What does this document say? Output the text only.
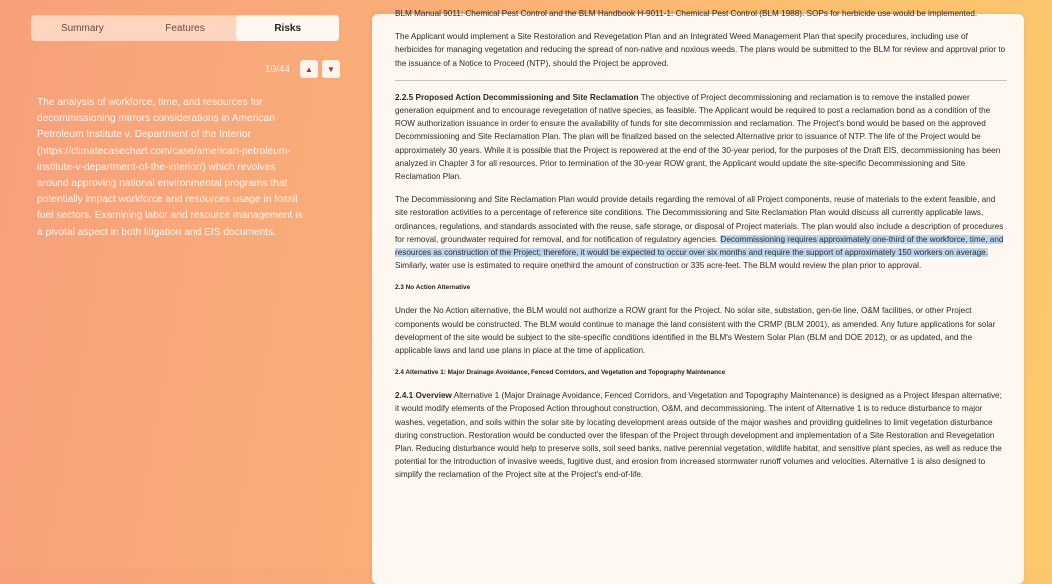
Summary	Features	Risks
10/44 ▲ ▼
The analysis of workforce, time, and resources for
decommissioning mirrors considerations in American
Petroleum Institute v. Department of the Interior
(https://climatecasechart.com/case/american-petroleum-
institute-v-department-of-the-interior/) which revolves
around approving national environmental programs that
potentially impact workforce and resources usage in fossil
fuel sectors. Examining labor and resource management is
a pivotal aspect in both litigation and EIS documents.

BLM Manual 9011: Chemical Pest Control and the BLM Handbook H-9011-1: Chemical Pest Control (BLM 1988). SOPs for herbicide use would be implemented.

The Applicant would implement a Site Restoration and Revegetation Plan and an Integrated Weed Management Plan that specify procedures, including use of herbicides for managing vegetation and reducing the spread of non-native and noxious weeds. The plans would be submitted to the BLM for review and approval prior to the issuance of a Notice to Proceed (NTP), should the Project be approved.

2.2.5 Proposed Action Decommissioning and Site Reclamation The objective of Project decommissioning and reclamation is to remove the installed power generation equipment and to encourage revegetation of native species, as feasible. The Applicant would be required to post a reclamation bond as a condition of the ROW authorization issuance in order to ensure the availability of funds for site decommission and reclamation. The Project's bond would be based on the approved Decommissioning and Site Reclamation Plan. The plan will be finalized based on the selected Alternative prior to issuance of NTP. The life of the Project would be approximately 30 years. While it is possible that the Project is repowered at the end of the 30-year period, for the purposes of the Draft EIS, decommissioning has been analyzed in Chapter 3 for all resources. Prior to termination of the 30-year ROW grant, the Applicant would update the site-specific Decommissioning and Site Reclamation Plan.

The Decommissioning and Site Reclamation Plan would provide details regarding the removal of all Project components, reuse of materials to the extent feasible, and site restoration activities to a percentage of reference site conditions. The Decommissioning and Site Reclamation Plan would discuss all currently applicable laws, ordinances, regulations, and standards associated with the reuse, safe storage, or disposal of Project materials. The plan would also include a description of procedures for removal, groundwater required for removal, and for notification of regulatory agencies. Decommissioning requires approximately one-third of the workforce, time, and resources as construction of the Project; therefore, it would be expected to occur over six months and require the support of approximately 150 workers on average. Similarly, water use is estimated to require onethird the amount of construction or 335 acre-feet. The BLM would review the plan prior to approval.

2.3 No Action Alternative

Under the No Action alternative, the BLM would not authorize a ROW grant for the Project. No solar site, substation, gen-tie line, O&M facilities, or other Project components would be constructed. The BLM would continue to manage the land consistent with the CRMP (BLM 2001), as amended. Any future applications for solar development of the site would be subject to the site-specific conditions identified in the BLM's Western Solar Plan (BLM and DOE 2012), or as updated, and the applicable laws and land use plans in place at the time of application.

2.4 Alternative 1: Major Drainage Avoidance, Fenced Corridors, and Vegetation and Topography Maintenance

2.4.1 Overview Alternative 1 (Major Drainage Avoidance, Fenced Corridors, and Vegetation and Topography Maintenance) is designed as a Project lifespan alternative; it would modify elements of the Proposed Action throughout construction, O&M, and decommissioning. The intent of Alternative 1 is to reduce disturbance to major washes, vegetation, and soils within the solar site by locating development areas outside of the major washes and providing guidelines to limit vegetation disturbance during construction. Restoration would be conducted over the lifespan of the Project through development and implementation of a Site Restoration and Revegetation Plan. Reducing disturbance would help to preserve soils, soil seed banks, native perennial vegetation, wildlife habitat, and sensitive plant species, as well as reduce the potential for the introduction of invasive weeds, fugitive dust, and erosion from increased stormwater runoff volumes and velocities. Alternative 1 is also designed to simplify the reclamation of the Project site at the Project's end-of-life.
